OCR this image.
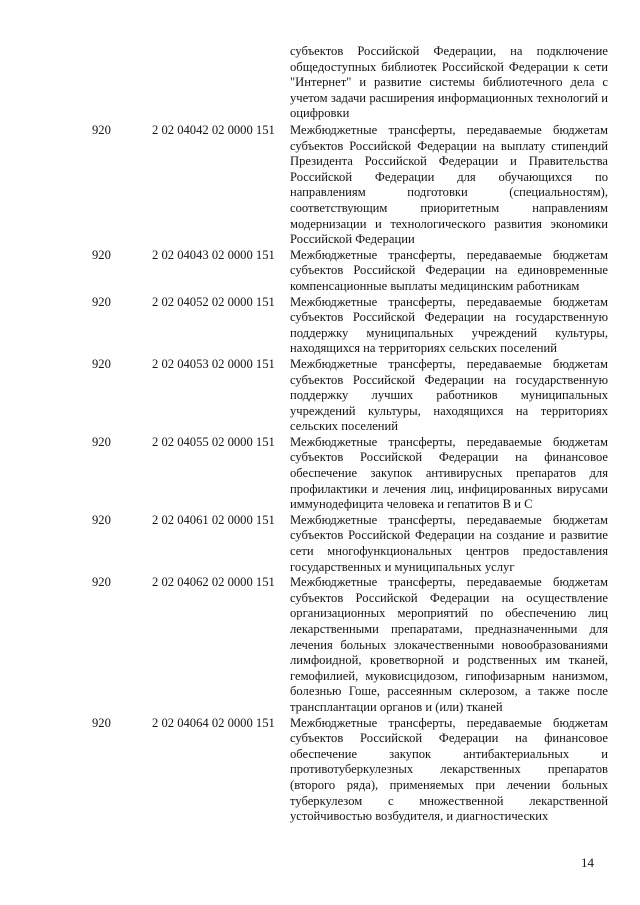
субъектов Российской Федерации, на подключение общедоступных библиотек Российской Федерации к сети "Интернет" и развитие системы библиотечного дела с учетом задачи расширения информационных технологий и оцифровки
920	2 02 04042 02 0000 151	Межбюджетные трансферты, передаваемые бюджетам субъектов Российской Федерации на выплату стипендий Президента Российской Федерации и Правительства Российской Федерации для обучающихся по направлениям подготовки (специальностям), соответствующим приоритетным направлениям модернизации и технологического развития экономики Российской Федерации
920	2 02 04043 02 0000 151	Межбюджетные трансферты, передаваемые бюджетам субъектов Российской Федерации на единовременные компенсационные выплаты медицинским работникам
920	2 02 04052 02 0000 151	Межбюджетные трансферты, передаваемые бюджетам субъектов Российской Федерации на государственную поддержку муниципальных учреждений культуры, находящихся на территориях сельских поселений
920	2 02 04053 02 0000 151	Межбюджетные трансферты, передаваемые бюджетам субъектов Российской Федерации на государственную поддержку лучших работников муниципальных учреждений культуры, находящихся на территориях сельских поселений
920	2 02 04055 02 0000 151	Межбюджетные трансферты, передаваемые бюджетам субъектов Российской Федерации на финансовое обеспечение закупок антивирусных препаратов для профилактики и лечения лиц, инфицированных вирусами иммунодефицита человека и гепатитов В и С
920	2 02 04061 02 0000 151	Межбюджетные трансферты, передаваемые бюджетам субъектов Российской Федерации на создание и развитие сети многофункциональных центров предоставления государственных и муниципальных услуг
920	2 02 04062 02 0000 151	Межбюджетные трансферты, передаваемые бюджетам субъектов Российской Федерации на осуществление организационных мероприятий по обеспечению лиц лекарственными препаратами, предназначенными для лечения больных злокачественными новообразованиями лимфоидной, кроветворной и родственных им тканей, гемофилией, муковисцидозом, гипофизарным нанизмом, болезнью Гоше, рассеянным склерозом, а также после трансплантации органов и (или) тканей
920	2 02 04064 02 0000 151	Межбюджетные трансферты, передаваемые бюджетам субъектов Российской Федерации на финансовое обеспечение закупок антибактериальных и противотуберкулезных лекарственных препаратов (второго ряда), применяемых при лечении больных туберкулезом с множественной лекарственной устойчивостью возбудителя, и диагностических
14
